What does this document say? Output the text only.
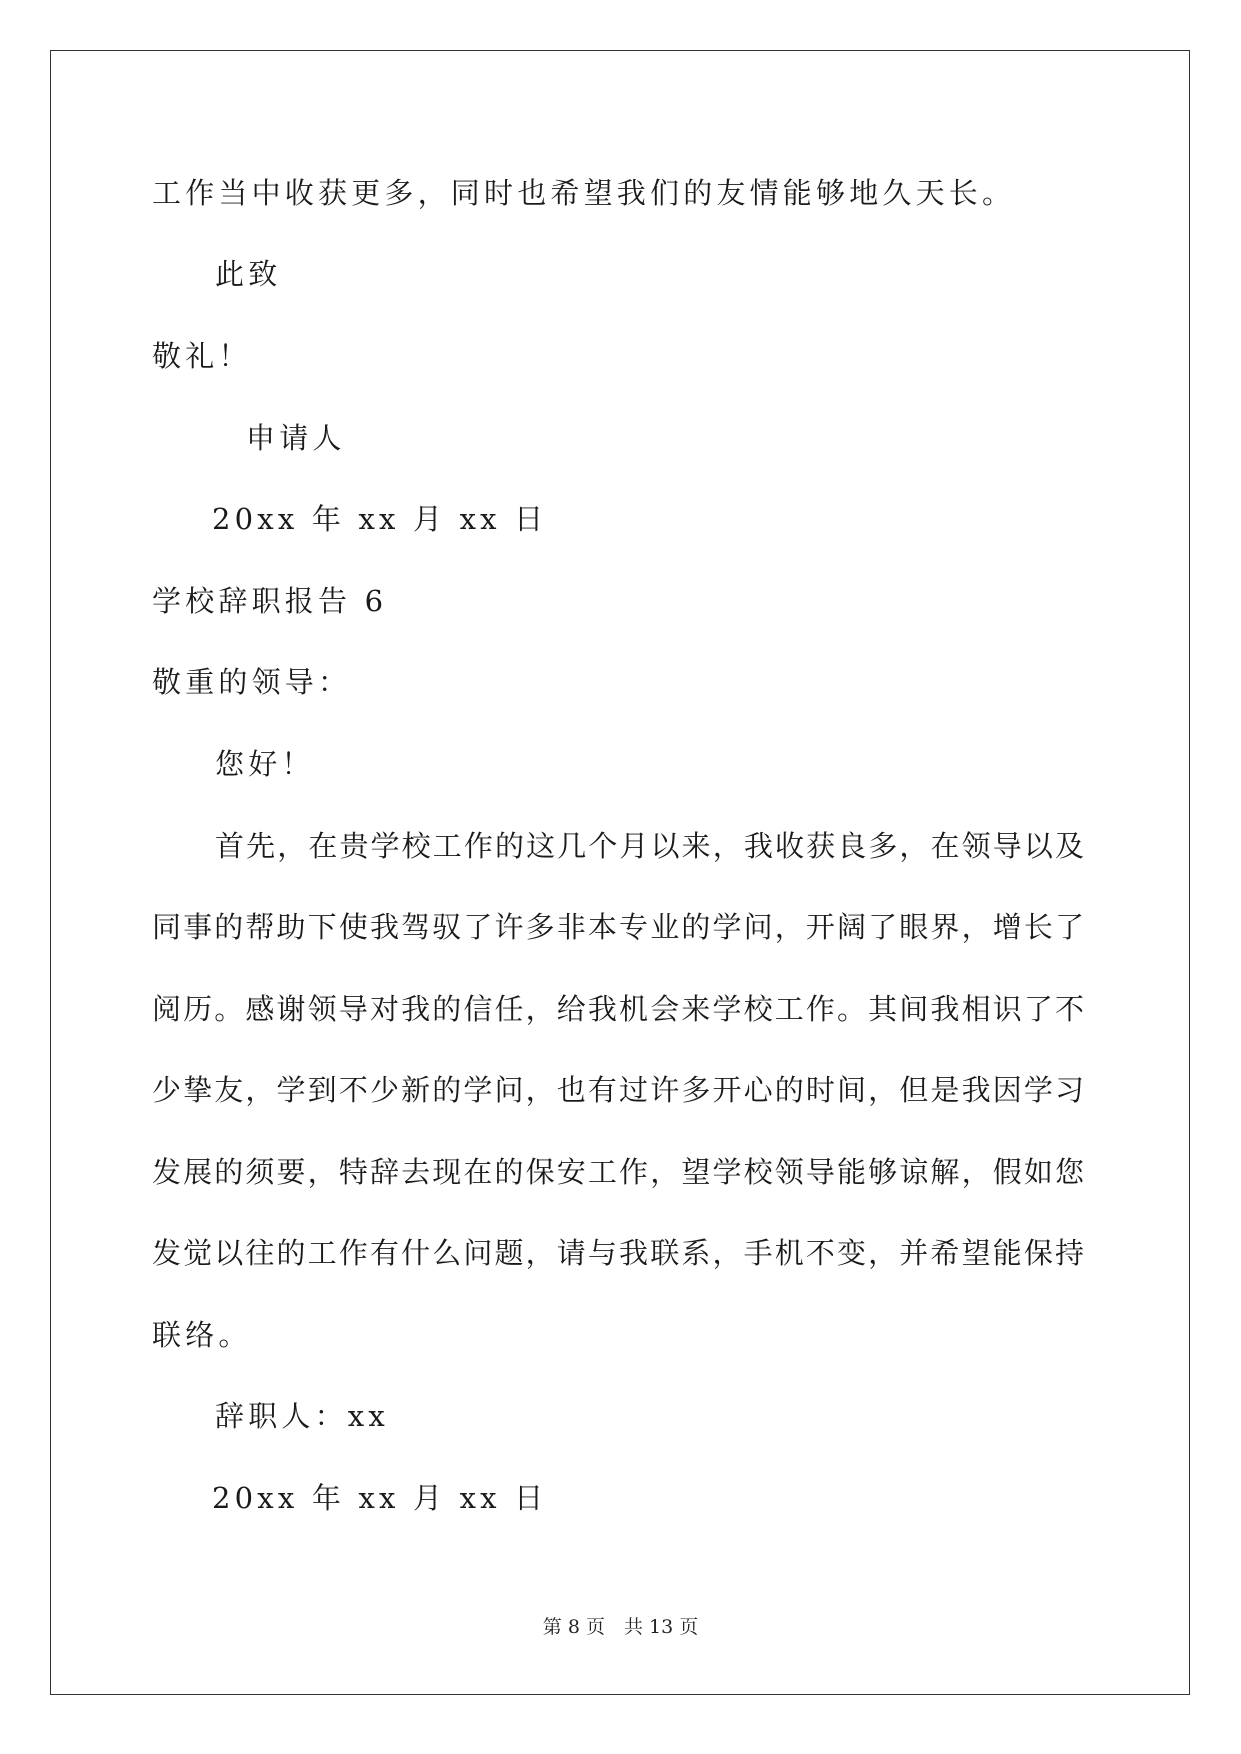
工作当中收获更多，同时也希望我们的友情能够地久天长。
此致
敬礼！
申请人
20xx 年 xx 月 xx 日
学校辞职报告 6
敬重的领导：
您好！
首先，在贵学校工作的这几个月以来，我收获良多，在领导以及
同事的帮助下使我驾驭了许多非本专业的学问，开阔了眼界，增长了
阅历。感谢领导对我的信任，给我机会来学校工作。其间我相识了不
少挚友，学到不少新的学问，也有过许多开心的时间，但是我因学习
发展的须要，特辞去现在的保安工作，望学校领导能够谅解，假如您
发觉以往的工作有什么问题，请与我联系，手机不变，并希望能保持
联络。
辞职人：xx
20xx 年 xx 月 xx 日
第 8 页　共 13 页
